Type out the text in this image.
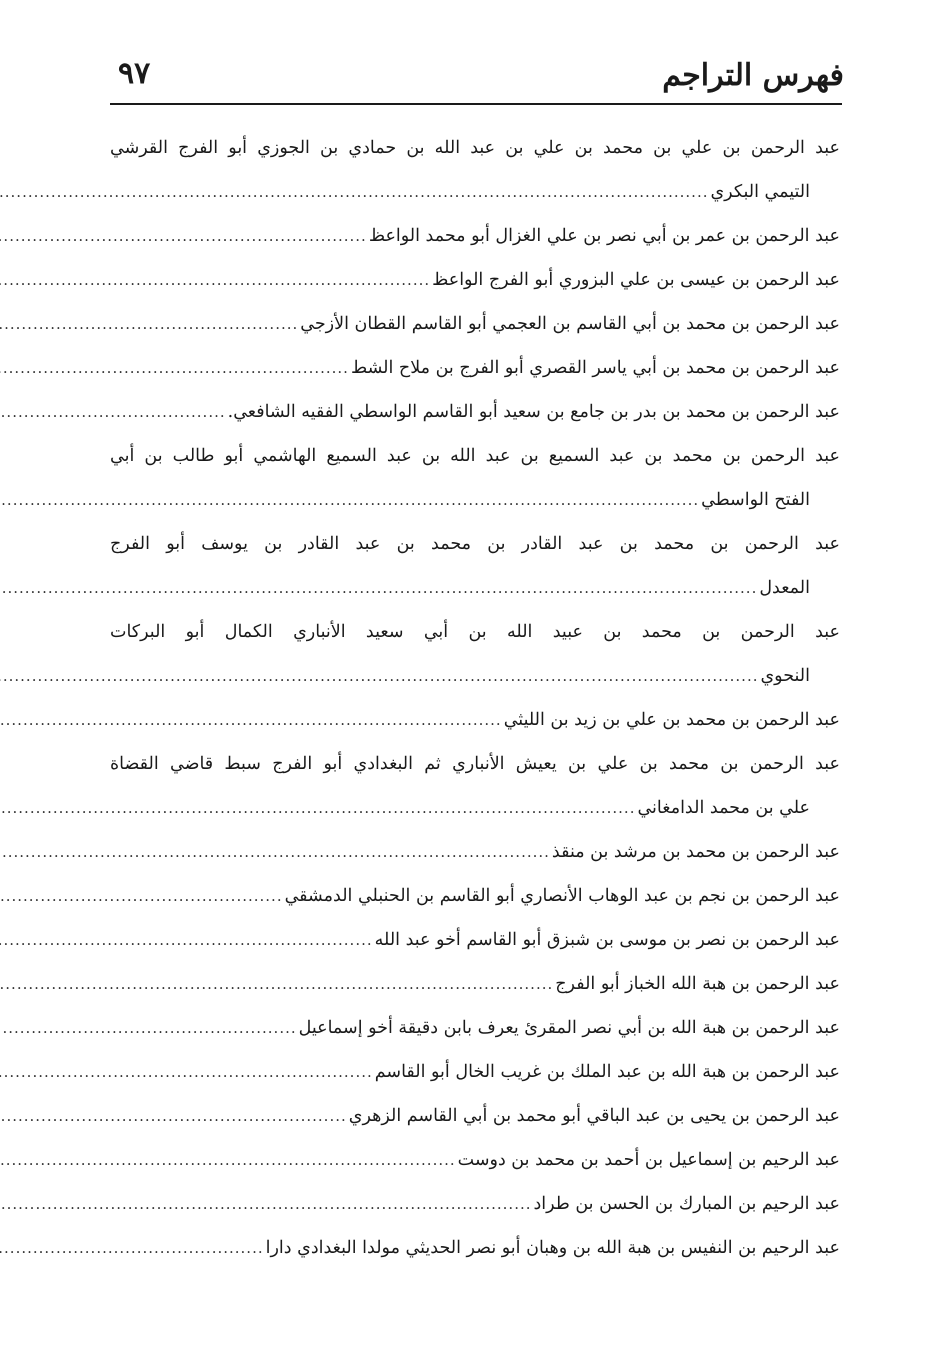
فهرس التراجم
٩٧
عبد الرحمن بن علي بن محمد بن علي بن عبد الله بن حمادي بن الجوزي أبو الفرج القرشي
التيمي البكري
.....
عبد الرحمن بن عمر بن أبي نصر بن علي الغزال أبو محمد الواعظ
.....
عبد الرحمن بن عيسى بن علي البزوري أبو الفرج الواعظ
.....
عبد الرحمن بن محمد بن أبي القاسم بن العجمي أبو القاسم القطان الأزجي
.....
عبد الرحمن بن محمد بن أبي ياسر القصري أبو الفرج بن ملاح الشط
.....
عبد الرحمن بن محمد بن بدر بن جامع بن سعيد أبو القاسم الواسطي الفقيه الشافعي.
.....
عبد الرحمن بن محمد بن عبد السميع بن عبد الله بن عبد السميع الهاشمي أبو طالب بن أبي
الفتح الواسطي
.....
عبد الرحمن بن محمد بن عبد القادر بن محمد بن عبد القادر بن يوسف أبو الفرج
المعدل
.....
عبد الرحمن بن محمد بن عبيد الله بن أبي سعيد الأنباري الكمال أبو البركات
النحوي
.....
عبد الرحمن بن محمد بن علي بن زيد بن الليثي
.....
عبد الرحمن بن محمد بن علي بن يعيش الأنباري ثم البغدادي أبو الفرج سبط قاضي القضاة
علي بن محمد الدامغاني
.....
عبد الرحمن بن محمد بن مرشد بن منقذ
.....
عبد الرحمن بن نجم بن عبد الوهاب الأنصاري أبو القاسم بن الحنبلي الدمشقي
.....
عبد الرحمن بن نصر بن موسى بن شبزق أبو القاسم أخو عبد الله
.....
عبد الرحمن بن هبة الله الخباز أبو الفرج
.....
عبد الرحمن بن هبة الله بن أبي نصر المقرئ يعرف بابن دقيقة أخو إسماعيل
.....
عبد الرحمن بن هبة الله بن عبد الملك بن غريب الخال أبو القاسم
.....
عبد الرحمن بن يحيى بن عبد الباقي أبو محمد بن أبي القاسم الزهري
.....
عبد الرحيم بن إسماعيل بن أحمد بن محمد بن دوست
.....
عبد الرحيم بن المبارك بن الحسن بن طراد
.....
عبد الرحيم بن النفيس بن هبة الله بن وهبان أبو نصر الحديثي مولدا البغدادي دارا
.....
